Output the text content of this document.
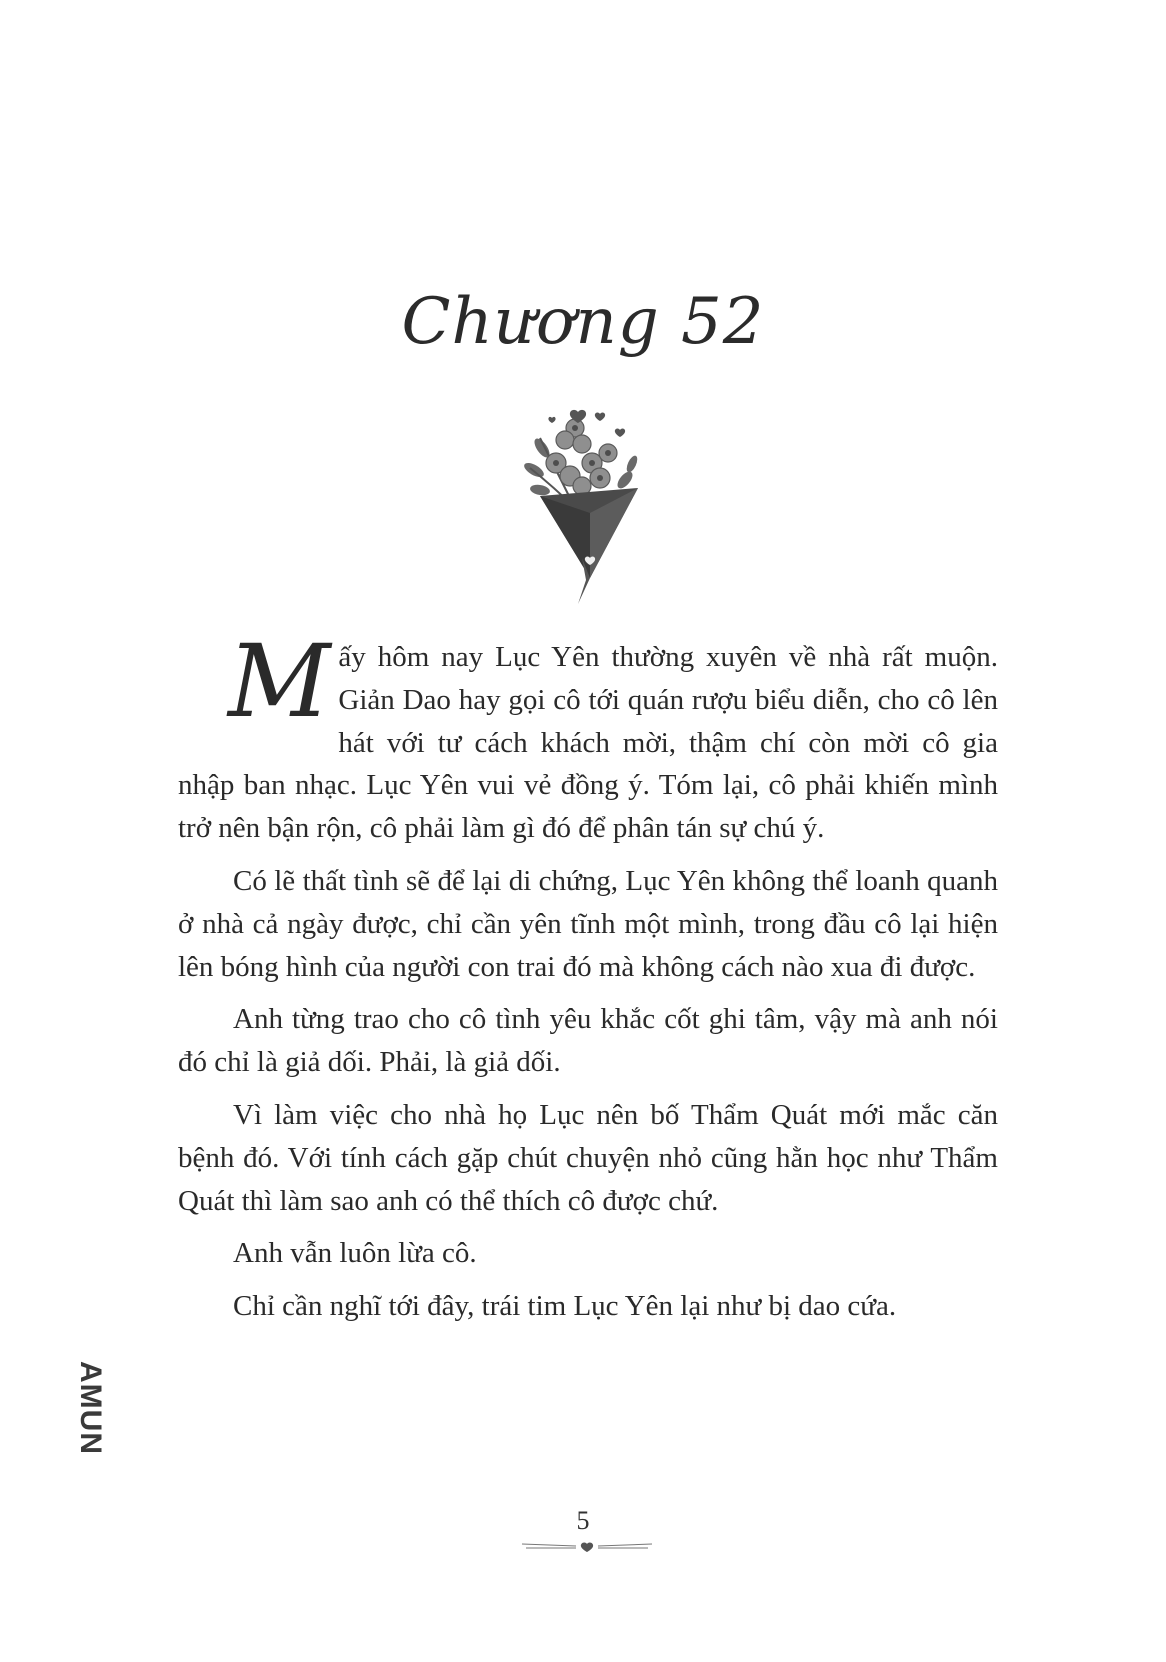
Chương 52

Mấy hôm nay Lục Yên thường xuyên về nhà rất muộn. Giản Dao hay gọi cô tới quán rượu biểu diễn, cho cô lên hát với tư cách khách mời, thậm chí còn mời cô gia nhập ban nhạc. Lục Yên vui vẻ đồng ý. Tóm lại, cô phải khiến mình trở nên bận rộn, cô phải làm gì đó để phân tán sự chú ý.

Có lẽ thất tình sẽ để lại di chứng, Lục Yên không thể loanh quanh ở nhà cả ngày được, chỉ cần yên tĩnh một mình, trong đầu cô lại hiện lên bóng hình của người con trai đó mà không cách nào xua đi được.

Anh từng trao cho cô tình yêu khắc cốt ghi tâm, vậy mà anh nói đó chỉ là giả dối. Phải, là giả dối.

Vì làm việc cho nhà họ Lục nên bố Thẩm Quát mới mắc căn bệnh đó. Với tính cách gặp chút chuyện nhỏ cũng hằn học như Thẩm Quát thì làm sao anh có thể thích cô được chứ.

Anh vẫn luôn lừa cô.

Chỉ cần nghĩ tới đây, trái tim Lục Yên lại như bị dao cứa.

AMUN
5
